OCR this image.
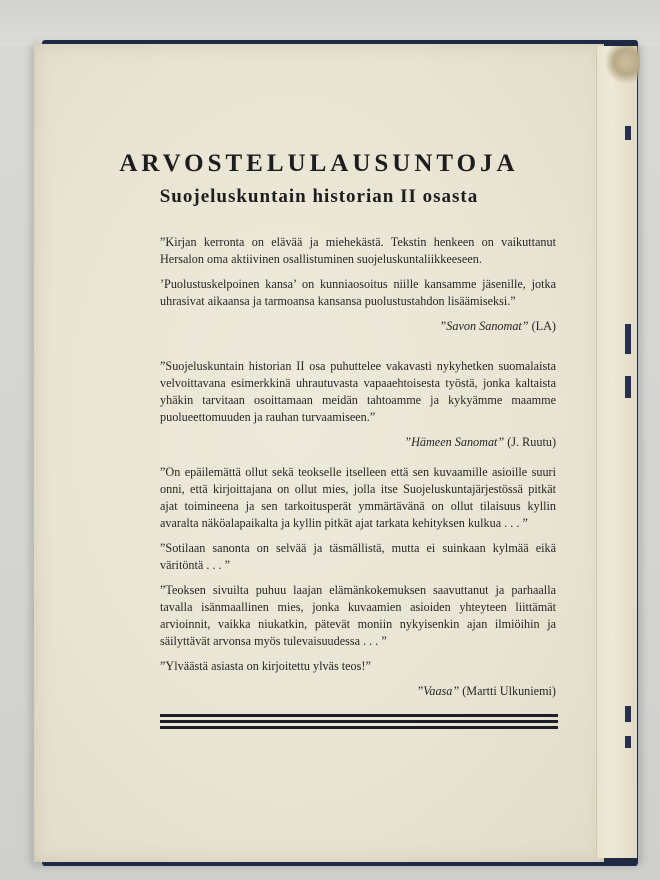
ARVOSTELULAUSUNTOJA
Suojeluskuntain historian II osasta

”Kirjan kerronta on elävää ja miehekästä. Tekstin henkeen on vaikuttanut Hersalon oma aktiivinen osallistuminen suojeluskuntaliikkeeseen.

’Puolustuskelpoinen kansa’ on kunniaosoitus niille kansamme jäsenille, jotka uhrasivat aikaansa ja tarmoansa kansansa puolustustahdon lisäämiseksi.”

”Savon Sanomat” (LA)

”Suojeluskuntain historian II osa puhuttelee vakavasti nykyhetken suomalaista velvoittavana esimerkkinä uhrautuvasta vapaaehtoisesta työstä, jonka kaltaista yhäkin tarvitaan osoittamaan meidän tahtoamme ja kykyämme maamme puolueettomuuden ja rauhan turvaamiseen.”

”Hämeen Sanomat” (J. Ruutu)

”On epäilemättä ollut sekä teokselle itselleen että sen kuvaamille asioille suuri onni, että kirjoittajana on ollut mies, jolla itse Suojeluskuntajärjestössä pitkät ajat toimineena ja sen tarkoitusperät ymmärtävänä on ollut tilaisuus kyllin avaralta näköalapaikalta ja kyllin pitkät ajat tarkata kehityksen kulkua . . . ”

”Sotilaan sanonta on selvää ja täsmällistä, mutta ei suinkaan kylmää eikä väritöntä . . . ”

”Teoksen sivuilta puhuu laajan elämänkokemuksen saavuttanut ja parhaalla tavalla isänmaallinen mies, jonka kuvaamien asioiden yhteyteen liittämät arvioinnit, vaikka niukatkin, pätevät moniin nykyisenkin ajan ilmiöihin ja säilyttävät arvonsa myös tulevaisuudessa . . . ”

”Ylväästä asiasta on kirjoitettu ylväs teos!”

”Vaasa” (Martti Ulkuniemi)
